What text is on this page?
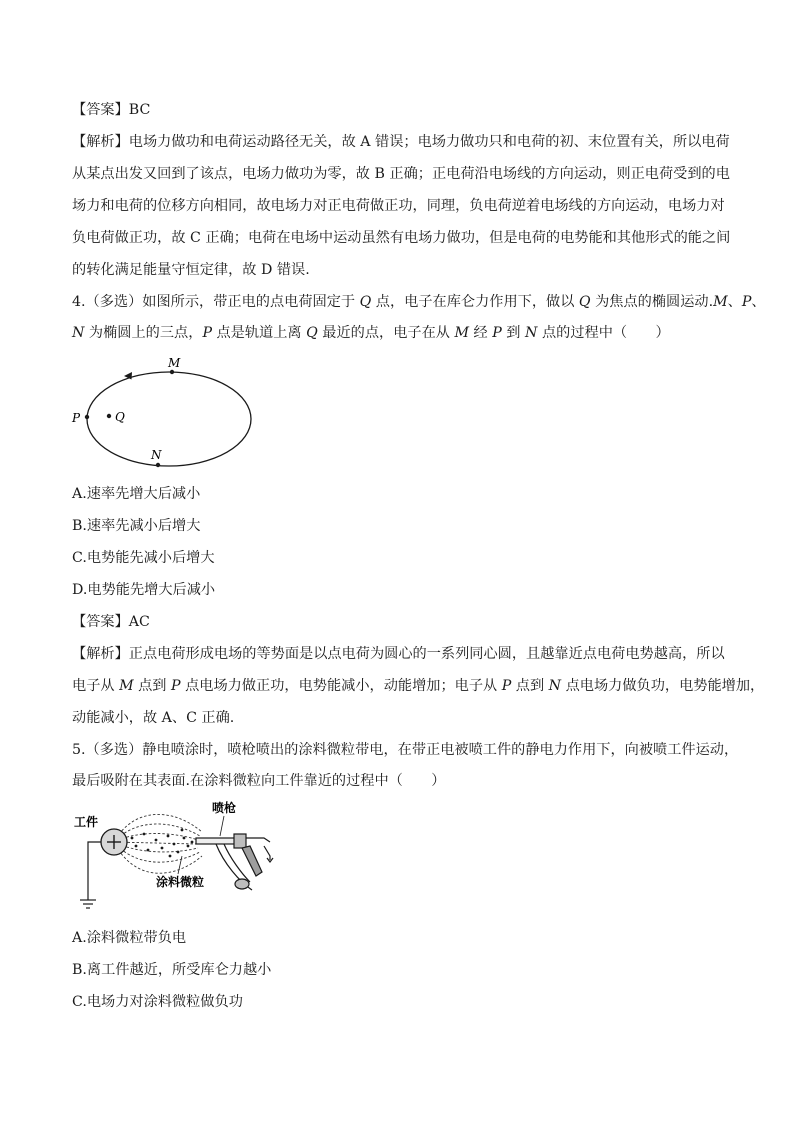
【答案】BC
【解析】电场力做功和电荷运动路径无关，故 A 错误；电场力做功只和电荷的初、末位置有关，所以电荷
从某点出发又回到了该点，电场力做功为零，故 B 正确；正电荷沿电场线的方向运动，则正电荷受到的电
场力和电荷的位移方向相同，故电场力对正电荷做正功，同理，负电荷逆着电场线的方向运动，电场力对
负电荷做正功，故 C 正确；电荷在电场中运动虽然有电场力做功，但是电荷的电势能和其他形式的能之间
的转化满足能量守恒定律，故 D 错误.
4.（多选）如图所示，带正电的点电荷固定于 Q 点，电子在库仑力作用下，做以 Q 为焦点的椭圆运动.M、P、
N 为椭圆上的三点，P 点是轨道上离 Q 最近的点，电子在从 M 经 P 到 N 点的过程中（　　）
M
P	Q
N
A.速率先增大后减小
B.速率先减小后增大
C.电势能先减小后增大
D.电势能先增大后减小
【答案】AC
【解析】正点电荷形成电场的等势面是以点电荷为圆心的一系列同心圆，且越靠近点电荷电势越高，所以
电子从 M 点到 P 点电场力做正功，电势能减小，动能增加；电子从 P 点到 N 点电场力做负功，电势能增加，
动能减小，故 A、C 正确.
5.（多选）静电喷涂时，喷枪喷出的涂料微粒带电，在带正电被喷工件的静电力作用下，向被喷工件运动，
最后吸附在其表面.在涂料微粒向工件靠近的过程中（　　）
工件
喷枪
涂料微粒
A.涂料微粒带负电
B.离工件越近，所受库仑力越小
C.电场力对涂料微粒做负功
